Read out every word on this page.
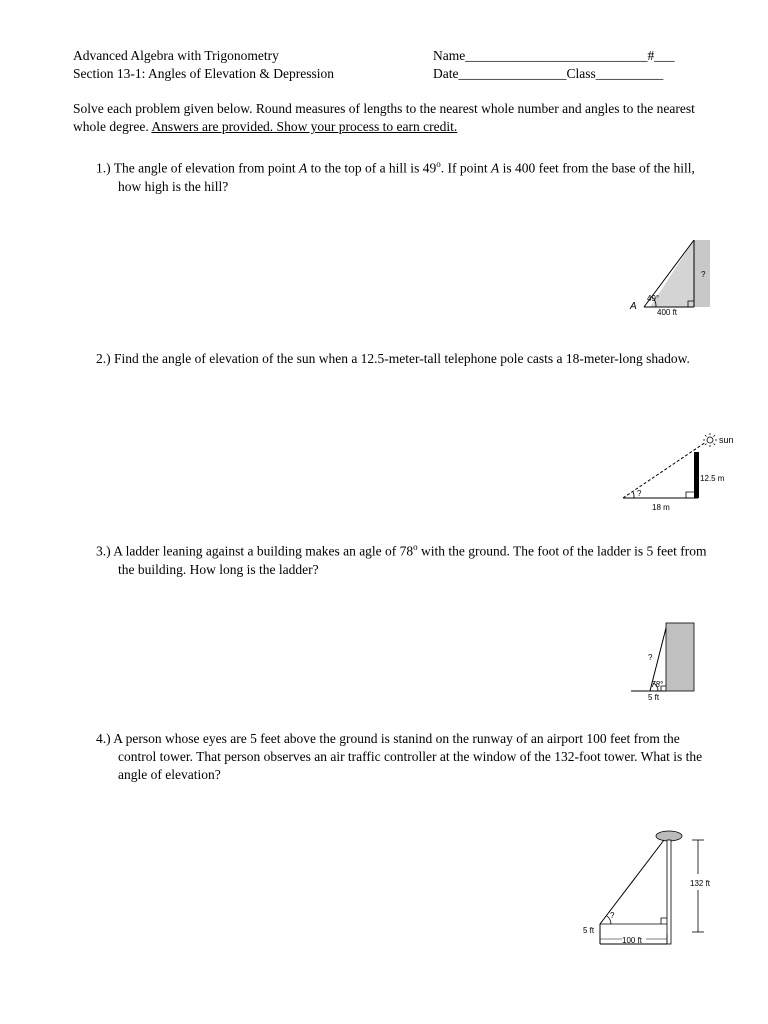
Advanced Algebra with Trigonometry
Section 13-1: Angles of Elevation & Depression
Name___________________________#___
Date________________Class__________
Solve each problem given below. Round measures of lengths to the nearest whole number and angles to the nearest whole degree. Answers are provided. Show your process to earn credit.
1.) The angle of elevation from point A to the top of a hill is 49$^o$. If point A is 400 feet from the base of the hill, how high is the hill?
A
49°
400 ft
?
2.) Find the angle of elevation of the sun when a 12.5-meter-tall telephone pole casts a 18-meter-long shadow.
sun
12.5 m
18 m
?
3.) A ladder leaning against a building makes an agle of 78$^o$ with the ground. The foot of the ladder is 5 feet from the building. How long is the ladder?
?
78°
5 ft
4.) A person whose eyes are 5 feet above the ground is stanind on the runway of an airport 100 feet from the control tower. That person observes an air traffic controller at the window of the 132-foot tower. What is the angle of elevation?
?
5 ft
100 ft
132 ft
